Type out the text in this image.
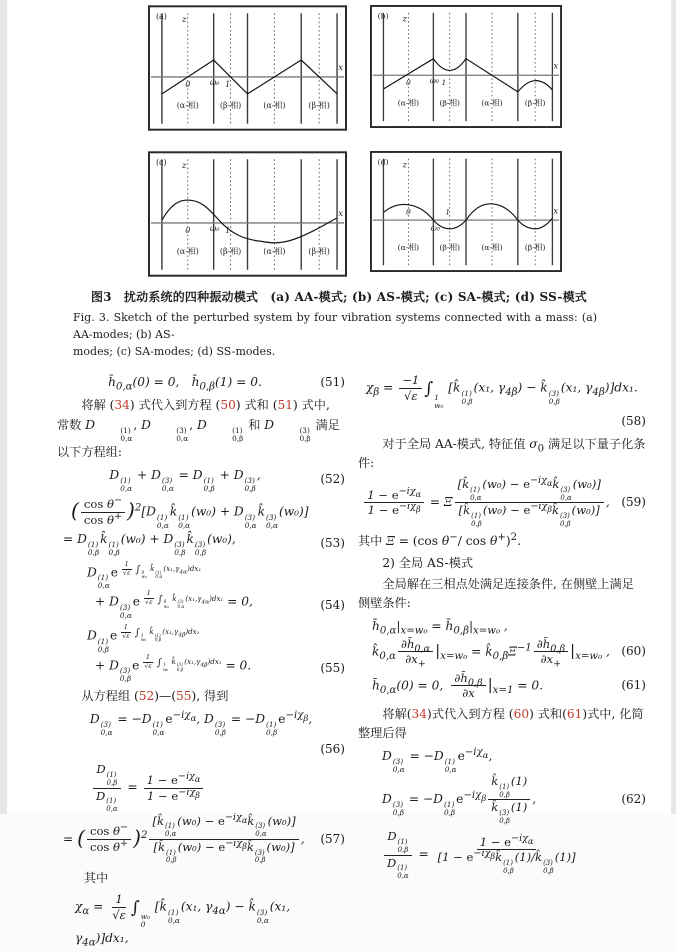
(a) z
x
0 ω₀ 1
(α-相)	(β-相)	(α-相)	(β-相)
(b) z
x
0 ω₀ 1
(α-相)	(β-相)	(α-相)	(β-相)
(c) z
x
0 ω₀ 1
(α-相)	(β-相)	(α-相)	(β-相)
(d) z
x
0
ω₀
1
(α-相)	(β-相)	(α-相)	(β-相)
图3　扰动系统的四种振动模式　(a) AA-模式; (b) AS-模式; (c) SA-模式; (d) SS-模式
Fig. 3. Sketch of the perturbed system by four vibration systems connected with a mass: (a) AA-modes; (b) AS-
modes; (c) SA-modes; (d) SS-modes.
$h̄_{0,\alpha}(0) = 0$, $h̄_{0,\beta}(1) = 0$.	(51)
将解 (34) 式代入到方程 (50) 式和 (51) 式中, 常数 D	(1)
0,α
, D	(3)
0,α
, D	(1)
0,β
和 D	(3)
0,β
满足以下方程组:
D (1)
0,α
+ D (3)
0,α
= D (1)
0,β
+ D (3)
0,β
,	(52)
( $\frac{\cos \theta^-}{\cos \theta^+} )^2[D$ (1)
0,α
k̂ (1)
0,α
(w₀) + D (3)
0,α
k̂ (3)
0,α
(w₀)]
= D (1)
0,β
k̂ (1)
0,β
(w₀) + D (3)
0,β
k̂ (3)
0,β
(w₀),	(53)
D (1)
0,α
e $^{\frac{1}{√\varepsilon} \int 0 w_0 k̂ (1) 0,\alpha (x_1,\gamma_{4\alpha})dx_1}$
+ D (3)
0,α
e $^{\frac{1}{√\varepsilon} \int 0 w_0 k̂ (3) 0,\alpha (x_1,\gamma_{4\alpha})dx_1}$ = 0,	(54)
D (1)
0,β
e $^{\frac{1}{√\varepsilon} \int 1 w_0 k̂ (1) 0,\beta (x_1,\gamma_{4\beta})dx_1}$
+ D (3)
0,β
e $^{\frac{1}{√\varepsilon} \int 1 w_0 k̂ (3) 0,\beta (x_1,\gamma_{4\beta})dx_1}$ = 0.	(55)
从方程组 (52)—(55), 得到
D (3)
0,α
= −D (1)
0,α
$e^{-i\chi_\alpha}$, D (3)
0,β
= −D (1)
0,β
$e^{-i\chi_\beta}$,
(56)
D (1)
0,β
D (1)
0,α =
$1 - e^{-i\chi_\alpha}$
$1 - e^{-i\chi_\beta}$
= ( $\frac{\cos \theta^-}{\cos \theta^+} )^2$
[k̂ (1)
0,α
$(w_0) - e^{-i\chi_\alpha}k̂$ (3)
0,α
(w₀)]
[k̂ (1)
0,β
$(w_0) - e^{-i\chi_\beta}k̂$ (3)
0,β
(w₀)]
,	(57)
其中
$\chi_\alpha = \frac{1}{√\varepsilon}$ ∫ w₀
0
[k̂ (1)
0,α
(x₁, $\gamma_{4\alpha}$) − k̂ (3)
0,α
(x₁, $\gamma_{4\alpha})]dx_1$,
$\chi_\beta = \frac{-1}{√\varepsilon}$ ∫ 1
w₀
[k̂ (1)
0,β
(x₁, $\gamma_{4\beta}$) − k̂ (3)
0,β
(x₁, $\gamma_{4\beta})]dx_1$.
(58)
对于全局 AA-模式, 特征值 $\sigma_0$ 满足以下量子化条件:
$1 - e^{-i\chi_\alpha}$
$1 - e^{-i\chi_\beta}$
= Ξ
[k̂ (1)
0,α
$(w_0) - e^{-i\chi_\alpha}k̂$ (3)
0,α
(w₀)]
[k̂ (1)
0,β
$(w_0) - e^{-i\chi_\beta}k̂$ (3)
0,β
(w₀)]
, (59)
其中 Ξ = (cos θ−/ cos θ+)$^2$.
2) 全局 AS-模式
全局解在三相点处满足连接条件, 在侧壁上满足侧壁条件:
$h̄_{0,\alpha}|_{x=w_0}$ = $h̄_{0,\beta}|_{x=w_0}$ ,
$k̂_{0,\alpha} \frac{\partial h̄_{0,\alpha}}{\partial x_+} |_{x=w_0}$ = $k̂_{0,\beta}\Xi^{-1} \frac{\partial h̄_{0,\beta}}{\partial x_+} |_{x=w_0}$ , (60)
$h̄_{0,\alpha}(0) = 0$,  $\frac{\partial h̄_{0,\beta}}{\partial x} |_{x=1} = 0$.	(61)
将解(34)式代入到方程 (60) 式和(61)式中, 化简整理后得
D (3)
0,α
= −D (1)
0,α
$e^{-i\chi_\alpha}$,
D (3)
0,β
= −D (1)
0,β
$e^{-i\chi_\beta}$ k̂ (1)
0,β
(1)
k̂ (3)
0,β
(1) ,	(62)
D (1)
0,β
D (1)
0,α =
$1 - e^{-i\chi_\alpha}$
[$1 - e^{-i\chi_\beta}k̂$ (1)
0,β
(1)/k̂ (3)
0,β
(1)]
